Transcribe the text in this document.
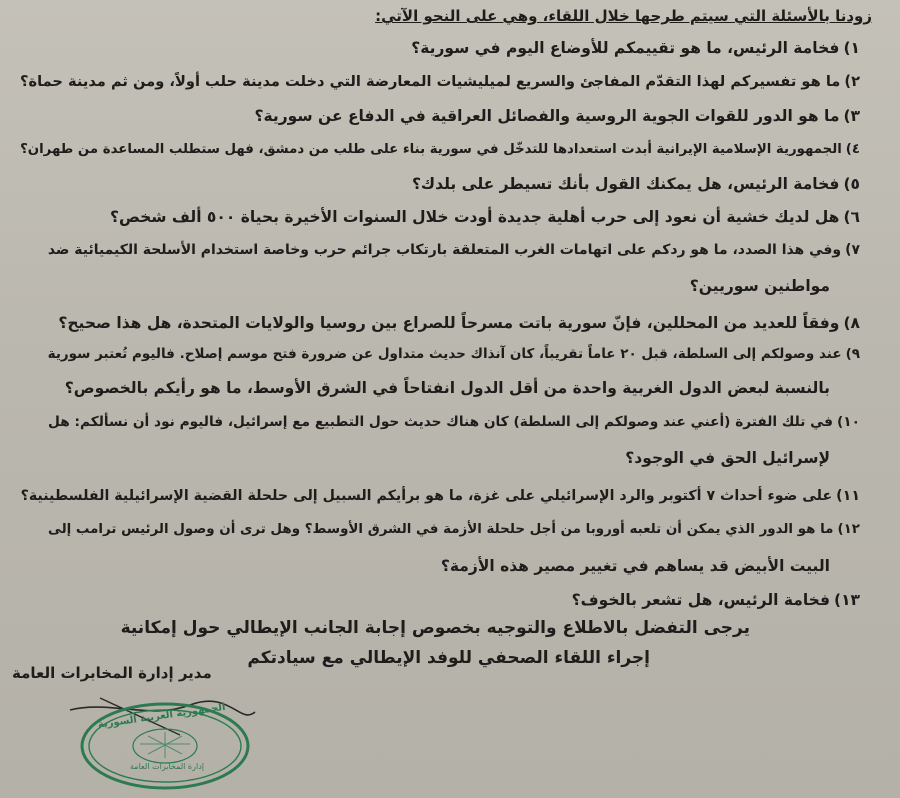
زودنا بالأسئلة التي سيتم طرحها خلال اللقاء، وهي على النحو الآتي:
١)فخامة الرئيس، ما هو تقييمكم للأوضاع اليوم في سورية؟
٢)ما هو تفسيركم لهذا التقدّم المفاجئ والسريع لميليشيات المعارضة التي دخلت مدينة حلب أولاً، ومن ثم مدينة حماة؟
٣)ما هو الدور للقوات الجوية الروسية والفصائل العراقية في الدفاع عن سورية؟
٤)الجمهورية الإسلامية الإيرانية أبدت استعدادها للتدخّل في سورية بناء على طلب من دمشق، فهل ستطلب المساعدة من طهران؟
٥)فخامة الرئيس، هل يمكنك القول بأنك تسيطر على بلدك؟
٦)هل لديك خشية أن نعود إلى حرب أهلية جديدة أودت خلال السنوات الأخيرة بحياة ٥٠٠ ألف شخص؟
٧)وفي هذا الصدد، ما هو ردكم على اتهامات الغرب المتعلقة بارتكاب جرائم حرب وخاصة استخدام الأسلحة الكيميائية ضد
مواطنين سوريين؟
٨)وفقاً للعديد من المحللين، فإنّ سورية باتت مسرحاً للصراع بين روسيا والولايات المتحدة، هل هذا صحيح؟
٩)عند وصولكم إلى السلطة، قبل ٢٠ عاماً تقريباً، كان آنذاك حديث متداول عن ضرورة فتح موسم إصلاح. فاليوم تُعتبر سورية
بالنسبة لبعض الدول الغربية واحدة من أقل الدول انفتاحاً في الشرق الأوسط، ما هو رأيكم بالخصوص؟
١٠)في تلك الفترة (أعني عند وصولكم إلى السلطة) كان هناك حديث حول التطبيع مع إسرائيل، فاليوم نود أن نسألكم: هل
لإسرائيل الحق في الوجود؟
١١)على ضوء أحداث ٧ أكتوبر والرد الإسرائيلي على غزة، ما هو برأيكم السبيل إلى حلحلة القضية الإسرائيلية الفلسطينية؟
١٢)ما هو الدور الذي يمكن أن تلعبه أوروبا من أجل حلحلة الأزمة في الشرق الأوسط؟ وهل ترى أن وصول الرئيس ترامب إلى
البيت الأبيض قد يساهم في تغيير مصير هذه الأزمة؟
١٣)فخامة الرئيس، هل تشعر بالخوف؟
يرجى التفضل بالاطلاع والتوجيه بخصوص إجابة الجانب الإيطالي حول إمكانية
إجراء اللقاء الصحفي للوفد الإيطالي مع سيادتكم
مدير إدارة المخابرات العامة
الجمهورية العربية السورية
إدارة المخابرات العامة
